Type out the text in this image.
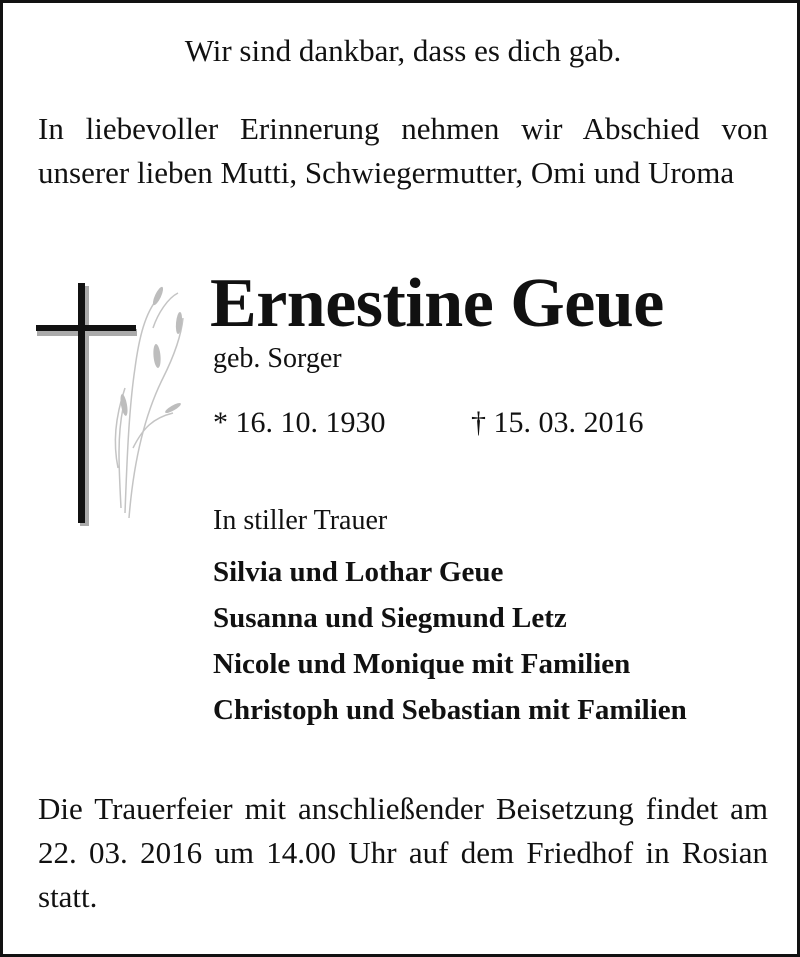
Wir sind dankbar, dass es dich gab.
In liebevoller Erinnerung nehmen wir Abschied von unserer lieben Mutti, Schwiegermutter, Omi und Uroma
Ernestine Geue
geb. Sorger
* 16. 10. 1930	† 15. 03. 2016
In stiller Trauer
Silvia und Lothar Geue
Susanna und Siegmund Letz
Nicole und Monique mit Familien
Christoph und Sebastian mit Familien
Die Trauerfeier mit anschließender Beisetzung findet am 22. 03. 2016 um 14.00 Uhr auf dem Friedhof in Rosian statt.
